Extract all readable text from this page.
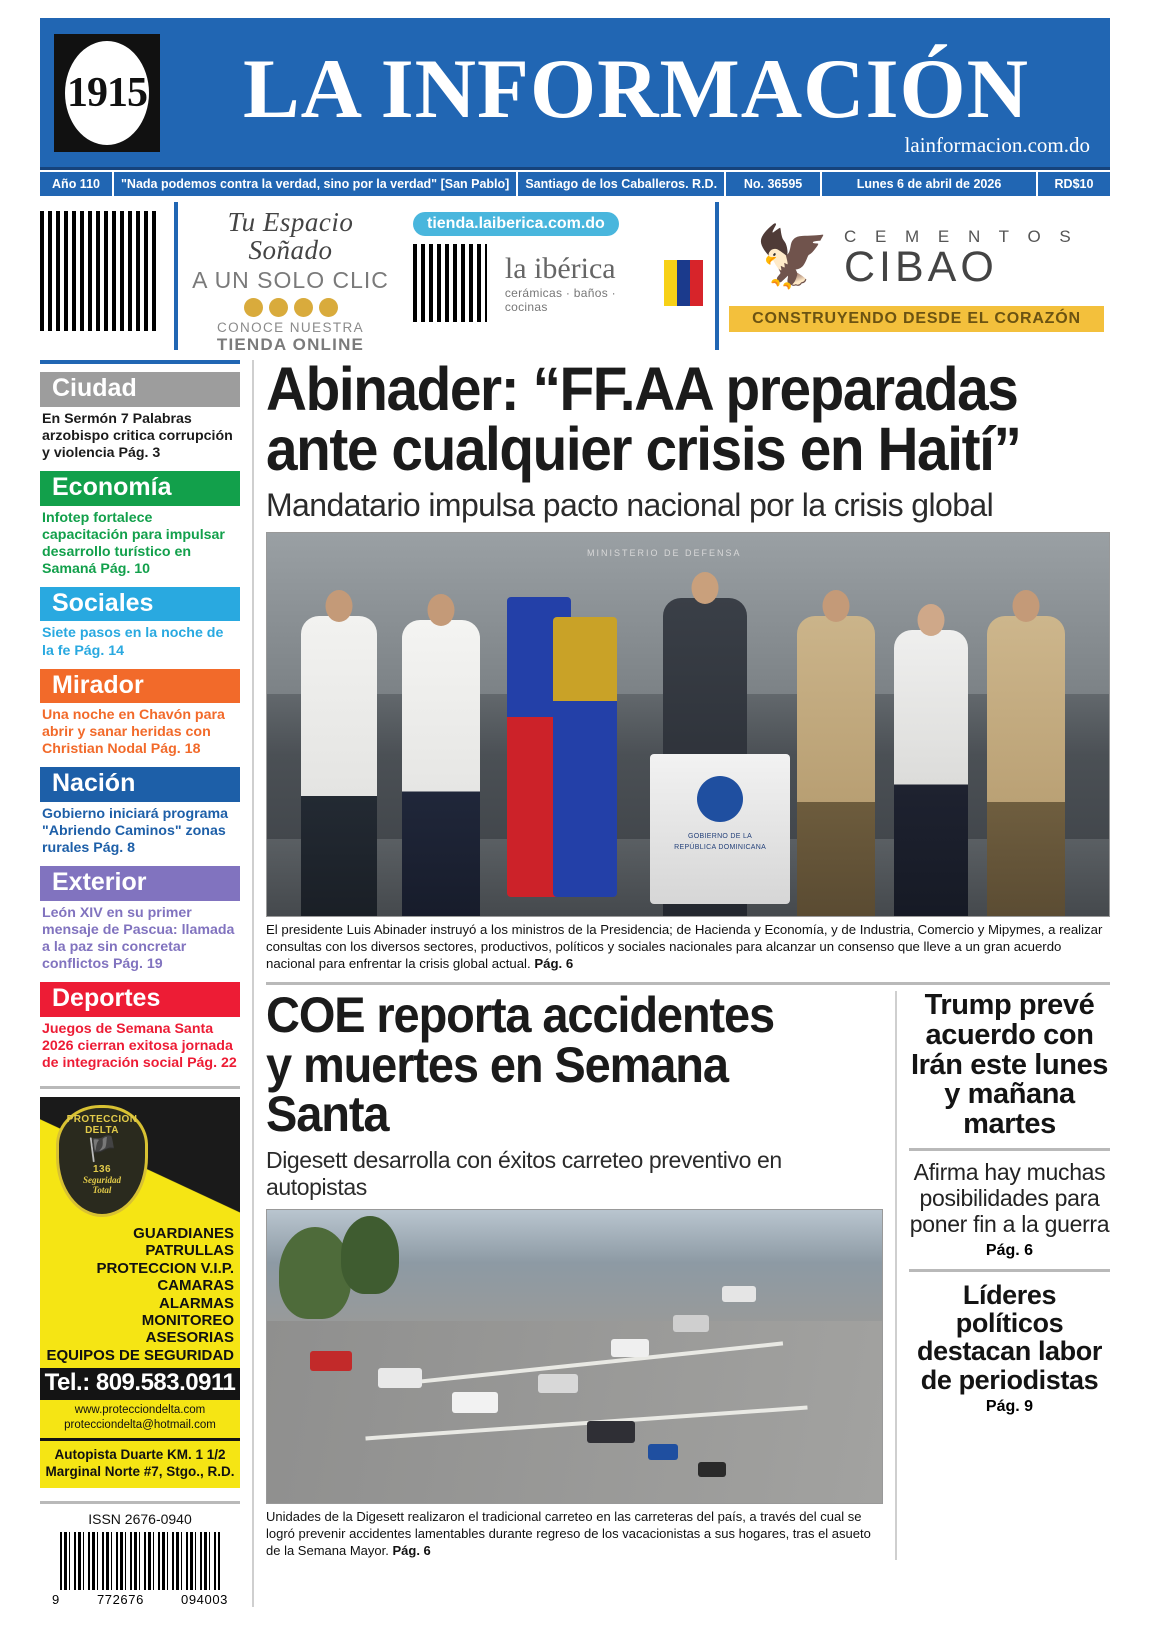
1915	LA INFORMACIÓN
lainformacion.com.do
Año 110	"Nada podemos contra la verdad, sino por la verdad" [San Pablo]	Santiago de los Caballeros. R.D.	No. 36595	Lunes 6 de abril de 2026	RD$10
Tu Espacio Soñado
A UN SOLO CLIC
CONOCE NUESTRA
TIENDA ONLINE
tienda.laiberica.com.do
la ibérica
cerámicas · baños · cocinas
🦅 C E M E N T O S
CIBAO
CONSTRUYENDO DESDE EL CORAZÓN
Ciudad
En Sermón 7 Palabras arzobispo critica corrupción y violencia Pág. 3
Economía
Infotep fortalece capacitación para impulsar desarrollo turístico en Samaná Pág. 10
Sociales
Siete pasos en la noche de la fe Pág. 14
Mirador
Una noche en Chavón para abrir y sanar heridas con Christian Nodal Pág. 18
Nación
Gobierno iniciará programa "Abriendo Caminos" zonas rurales Pág. 8
Exterior
León XIV en su primer mensaje de Pascua: llamada a la paz sin concretar conflictos Pág. 19
Deportes
Juegos de Semana Santa 2026 cierran exitosa jornada de integración social Pág. 22
PROTECCION
DELTA
🏴
136
Seguridad
Total
GUARDIANES
PATRULLAS
PROTECCION V.I.P.
CAMARAS
ALARMAS
MONITOREO
ASESORIAS
EQUIPOS DE SEGURIDAD
Tel.: 809.583.0911
www.protecciondelta.com
protecciondelta@hotmail.com
Autopista Duarte KM. 1 1/2
Marginal Norte #7, Stgo., R.D.
ISSN 2676-0940
9	772676	094003
Abinader: “FF.AA preparadas
ante cualquier crisis en Haití”
Mandatario impulsa pacto nacional por la crisis global
MINISTERIO DE DEFENSA
GOBIERNO DE LA
REPÚBLICA DOMINICANA
El presidente Luis Abinader instruyó a los ministros de la Presidencia; de Hacienda y Economía, y de Industria, Comercio y Mipymes, a realizar consultas con los diversos sectores, productivos, políticos y sociales nacionales para alcanzar un consenso que lleve a un gran acuerdo nacional para enfrentar la crisis global actual. Pág. 6
COE reporta accidentes
y muertes en Semana Santa
Digesett desarrolla con éxitos carreteo preventivo en autopistas
Unidades de la Digesett realizaron el tradicional carreteo en las carreteras del país, a través del cual se logró prevenir accidentes lamentables durante regreso de los vacacionistas a sus hogares, tras el asueto de la Semana Mayor. Pág. 6
Trump prevé acuerdo con Irán este lunes y mañana martes
Afirma hay muchas posibilidades para poner fin a la guerra
Pág. 6
Líderes políticos destacan labor de periodistas
Pág. 9
